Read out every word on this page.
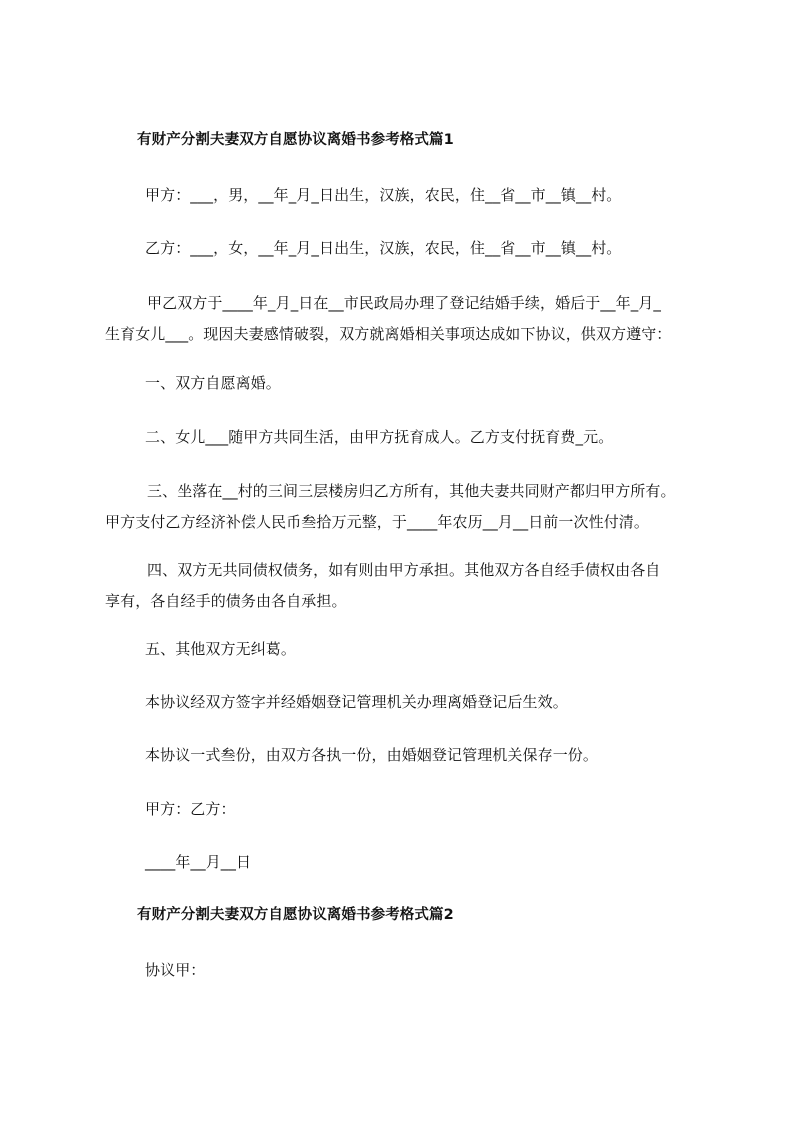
有财产分割夫妻双方自愿协议离婚书参考格式篇1
甲方：___，男，__年_月_日出生，汉族，农民，住__省__市__镇__村。
乙方：___，女，__年_月_日出生，汉族，农民，住__省__市__镇__村。
甲乙双方于____年_月_日在__市民政局办理了登记结婚手续，婚后于__年_月_
生育女儿___。现因夫妻感情破裂，双方就离婚相关事项达成如下协议，供双方遵守：
一、双方自愿离婚。
二、女儿___随甲方共同生活，由甲方抚育成人。乙方支付抚育费_元。
三、坐落在__村的三间三层楼房归乙方所有，其他夫妻共同财产都归甲方所有。
甲方支付乙方经济补偿人民币叁拾万元整，于____年农历__月__日前一次性付清。
四、双方无共同债权债务，如有则由甲方承担。其他双方各自经手债权由各自
享有，各自经手的债务由各自承担。
五、其他双方无纠葛。
本协议经双方签字并经婚姻登记管理机关办理离婚登记后生效。
本协议一式叁份，由双方各执一份，由婚姻登记管理机关保存一份。
甲方：乙方：
____年__月__日
有财产分割夫妻双方自愿协议离婚书参考格式篇2
协议甲：
